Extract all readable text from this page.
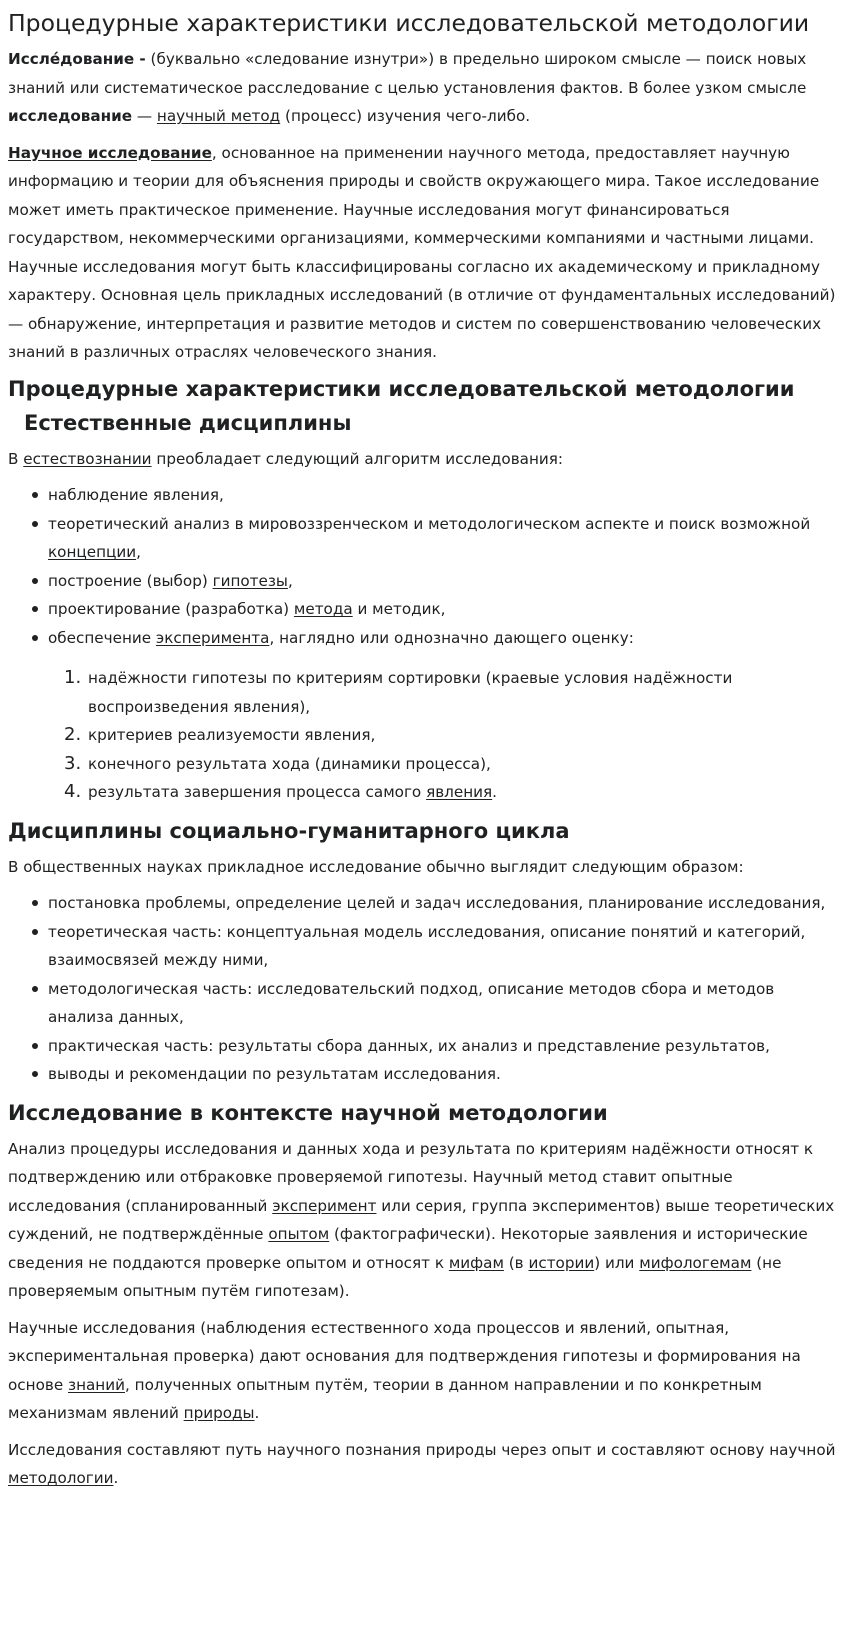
Процедурные характеристики исследовательской методологии

Иссле́дование - (буквально «следование изнутри») в предельно широком смысле — поиск новых знаний или систематическое расследование с целью установления фактов. В более узком смысле исследование — научный метод (процесс) изучения чего-либо.

Научное исследование, основанное на применении научного метода, предоставляет научную информацию и теории для объяснения природы и свойств окружающего мира. Такое исследование может иметь практическое применение. Научные исследования могут финансироваться государством, некоммерческими организациями, коммерческими компаниями и частными лицами. Научные исследования могут быть классифицированы согласно их академическому и прикладному характеру. Основная цель прикладных исследований (в отличие от фундаментальных исследований) — обнаружение, интерпретация и развитие методов и систем по совершенствованию человеческих знаний в различных отраслях человеческого знания.

Процедурные характеристики исследовательской методологии
Естественные дисциплины

В естествознании преобладает следующий алгоритм исследования:

наблюдение явления,
теоретический анализ в мировоззренческом и методологическом аспекте и поиск возможной концепции,
построение (выбор) гипотезы,
проектирование (разработка) метода и методик,
обеспечение эксперимента, наглядно или однозначно дающего оценку:
1. надёжности гипотезы по критериям сортировки (краевые условия надёжности воспроизведения явления),
2. критериев реализуемости явления,
3. конечного результата хода (динамики процесса),
4. результата завершения процесса самого явления.
Дисциплины социально-гуманитарного цикла

В общественных науках прикладное исследование обычно выглядит следующим образом:

постановка проблемы, определение целей и задач исследования, планирование исследования,
теоретическая часть: концептуальная модель исследования, описание понятий и категорий, взаимосвязей между ними,
методологическая часть: исследовательский подход, описание методов сбора и методов анализа данных,
практическая часть: результаты сбора данных, их анализ и представление результатов,
выводы и рекомендации по результатам исследования.
Исследование в контексте научной методологии

Анализ процедуры исследования и данных хода и результата по критериям надёжности относят к подтверждению или отбраковке проверяемой гипотезы. Научный метод ставит опытные исследования (спланированный эксперимент или серия, группа экспериментов) выше теоретических суждений, не подтверждённые опытом (фактографически). Некоторые заявления и исторические сведения не поддаются проверке опытом и относят к мифам (в истории) или мифологемам (не проверяемым опытным путём гипотезам).

Научные исследования (наблюдения естественного хода процессов и явлений, опытная, экспериментальная проверка) дают основания для подтверждения гипотезы и формирования на основе знаний, полученных опытным путём, теории в данном направлении и по конкретным механизмам явлений природы.

Исследования составляют путь научного познания природы через опыт и составляют основу научной методологии.
